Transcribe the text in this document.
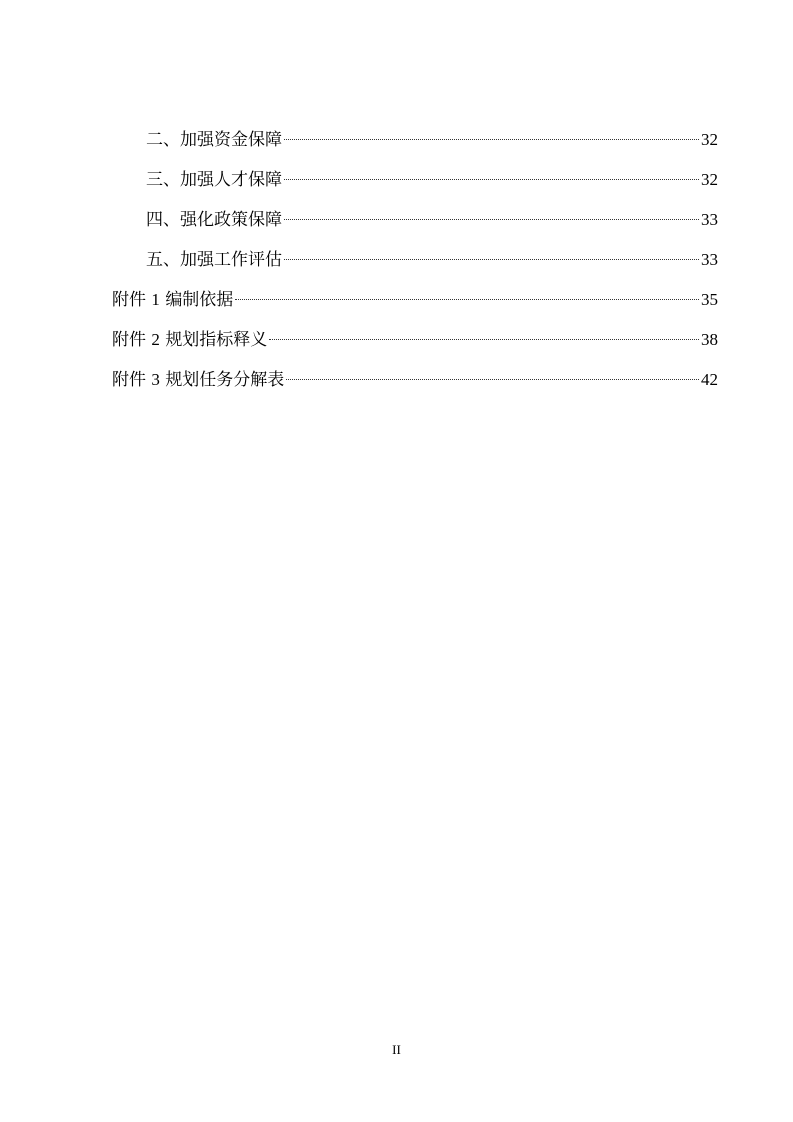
二、加强资金保障	32
三、加强人才保障	32
四、强化政策保障	33
五、加强工作评估	33
附件 1 编制依据	35
附件 2 规划指标释义	38
附件 3 规划任务分解表	42
II
